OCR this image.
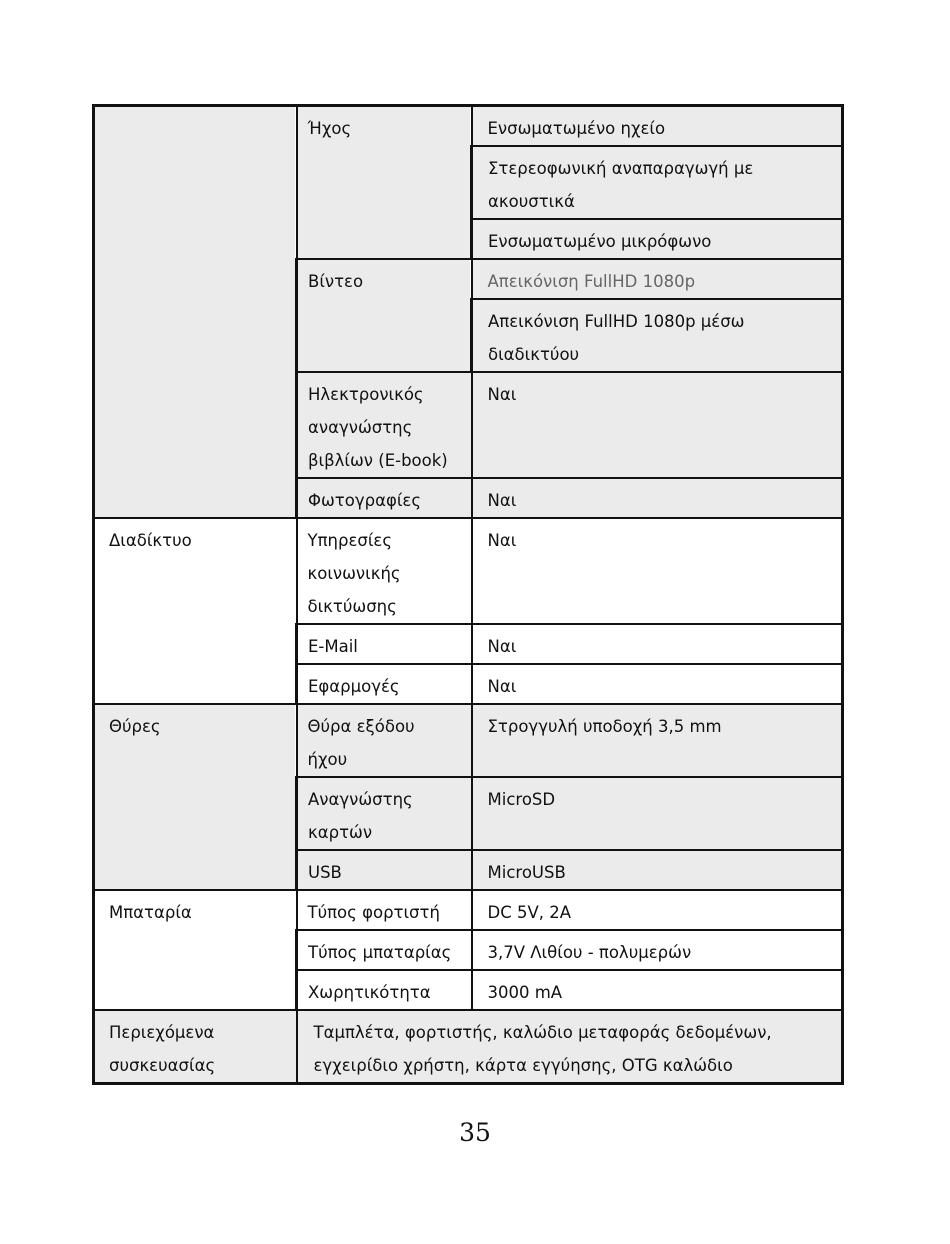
	Ήχος	Ενσωματωμένο ηχείο
		Στερεοφωνική αναπαραγωγή με
ακουστικά
		Ενσωματωμένο μικρόφωνο
	Βίντεο	Απεικόνιση FullHD 1080p
		Απεικόνιση FullHD 1080p μέσω
διαδικτύου
	Ηλεκτρονικός
αναγνώστης
βιβλίων (E-book)	Ναι
	Φωτογραφίες	Ναι
Διαδίκτυο	Υπηρεσίες
κοινωνικής
δικτύωσης	Ναι
	E-Mail	Ναι
	Εφαρμογές	Ναι
Θύρες	Θύρα εξόδου
ήχου	Στρογγυλή υποδοχή 3,5 mm
	Αναγνώστης
καρτών	MicroSD
	USB	MicroUSB
Μπαταρία	Τύπος φορτιστή	DC 5V, 2A
	Τύπος μπαταρίας	3,7V Λιθίου - πολυμερών
	Χωρητικότητα	3000 mA
Περιεχόμενα
συσκευασίας	Ταμπλέτα, φορτιστής, καλώδιο μεταφοράς δεδομένων,
εγχειρίδιο χρήστη, κάρτα εγγύησης, OTG καλώδιο	
35
